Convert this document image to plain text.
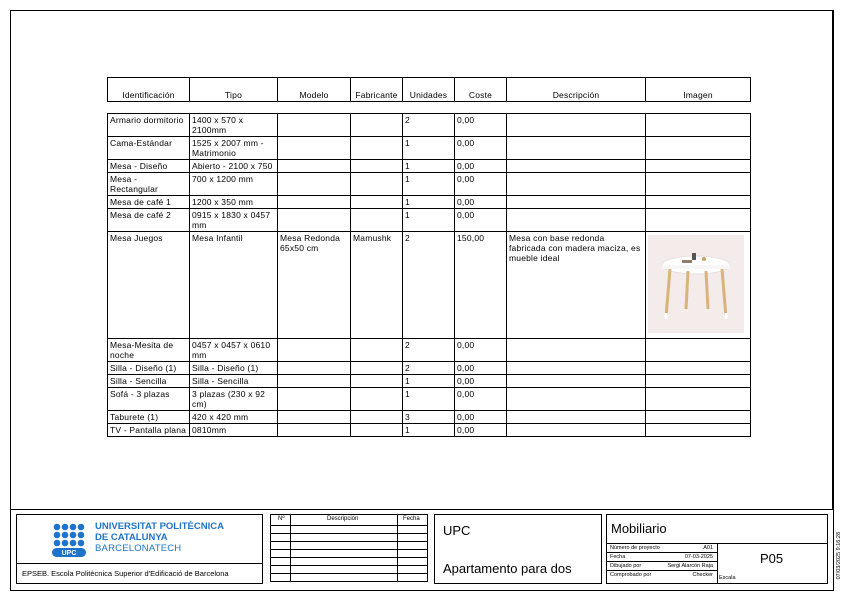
Identificación	Tipo	Modelo	Fabricante	Unidades	Coste	Descripción	Imagen
Armario dormitorio	1400 x 570 x 2100mm			2	0,00		
Cama-Estándar	1525 x 2007 mm - Matrimonio			1	0,00		
Mesa - Diseño	Abierto - 2100 x 750			1	0,00		
Mesa - Rectangular	700 x 1200 mm			1	0,00		
Mesa de café 1	1200 x 350 mm			1	0,00		
Mesa de café 2	0915 x 1830 x 0457 mm			1	0,00		
Mesa Juegos	Mesa Infantil	Mesa Redonda 65x50 cm	Mamushk	2	150,00	Mesa con base redonda fabricada con madera maciza, es mueble ideal	

Mesa-Mesita de noche	0457 x 0457 x 0610 mm			2	0,00		
Silla - Diseño (1)	Silla - Diseño (1)			2	0,00		
Silla - Sencilla	Silla - Sencilla			1	0,00		
Sofá - 3 plazas	3 plazas (230 x 92 cm)			1	0,00		
Taburete (1)	420 x 420 mm			3	0,00		
TV - Pantalla plana	0810mm			1	0,00		
UPC
UNIVERSITAT POLITÈCNICA
DE CATALUNYA
BARCELONATECH
EPSEB. Escola Politècnica Superior d'Edificació de Barcelona
Nº	Descripción	Fecha
UPC
Apartamento para dos
Mobiliario
Número de proyecto	A01
Fecha	07-03-2025
Dibujado por	Sergi Alarcón Raja
Comprobado por	Checker
P05
Escala	07/03/2025 9:16:28
